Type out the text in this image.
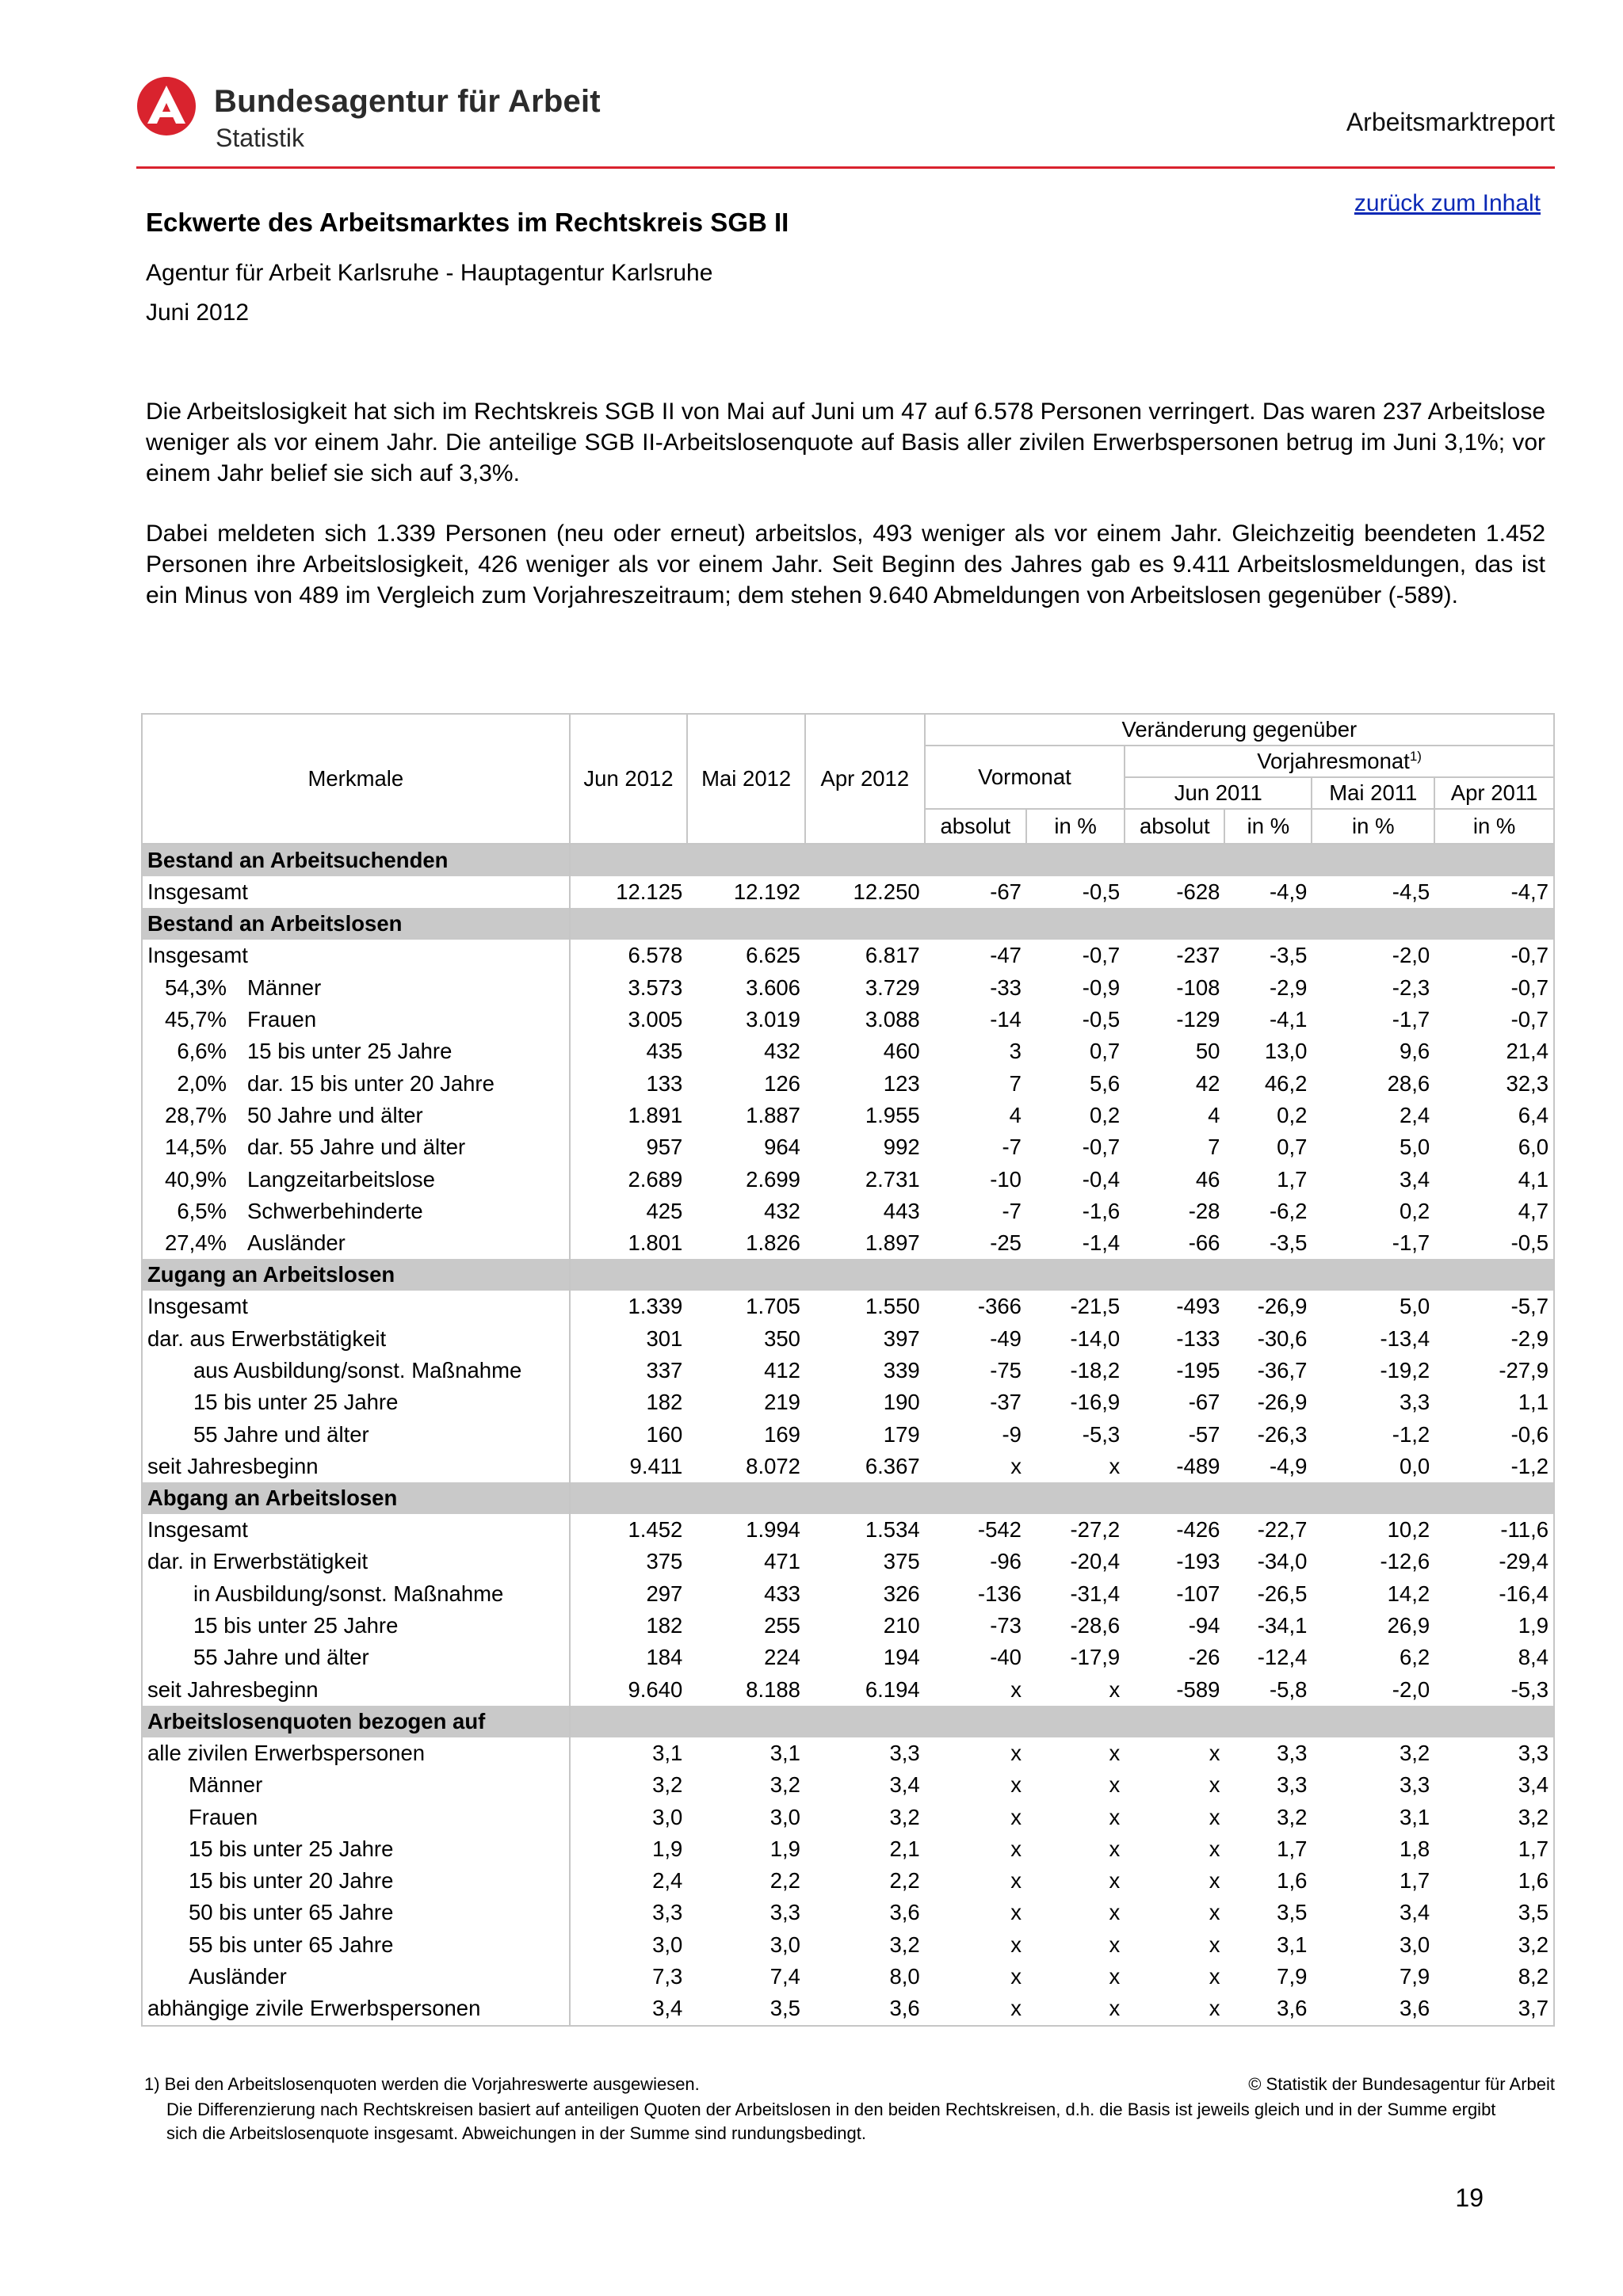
Bundesagentur für Arbeit
Statistik
Arbeitsmarktreport
zurück zum Inhalt
Eckwerte des Arbeitsmarktes im Rechtskreis SGB II
Agentur für Arbeit Karlsruhe - Hauptagentur Karlsruhe
Juni 2012

Die Arbeitslosigkeit hat sich im Rechtskreis SGB II von Mai auf Juni um 47 auf 6.578 Personen verringert. Das waren 237 Arbeitslose weniger als vor einem Jahr. Die anteilige SGB II-Arbeitslosenquote auf Basis aller zivilen Erwerbspersonen betrug im Juni 3,1%; vor einem Jahr belief sie sich auf 3,3%.

Dabei meldeten sich 1.339 Personen (neu oder erneut) arbeitslos, 493 weniger als vor einem Jahr. Gleichzeitig beendeten 1.452 Personen ihre Arbeitslosigkeit, 426 weniger als vor einem Jahr. Seit Beginn des Jahres gab es 9.411 Arbeitslosmeldungen, das ist ein Minus von 489 im Vergleich zum Vorjahreszeitraum; dem stehen 9.640 Abmeldungen von Arbeitslosen gegenüber (-589).

Merkmale	Jun 2012	Mai 2012	Apr 2012	Veränderung gegenüber					
				Vormonat		Vorjahresmonat$^{1)}$
						Jun 2011		Mai 2011	Apr 2011
				absolut	in %	absolut	in %	in %	in %
Bestand an Arbeitsuchenden									
Insgesamt	12.125	12.192	12.250	-67	-0,5	-628	-4,9	-4,5	-4,7
Bestand an Arbeitslosen									
Insgesamt	6.578	6.625	6.817	-47	-0,7	-237	-3,5	-2,0	-0,7
54,3% Männer	3.573	3.606	3.729	-33	-0,9	-108	-2,9	-2,3	-0,7
45,7% Frauen	3.005	3.019	3.088	-14	-0,5	-129	-4,1	-1,7	-0,7
6,6% 15 bis unter 25 Jahre	435	432	460	3	0,7	50	13,0	9,6	21,4
2,0% dar. 15 bis unter 20 Jahre	133	126	123	7	5,6	42	46,2	28,6	32,3
28,7% 50 Jahre und älter	1.891	1.887	1.955	4	0,2	4	0,2	2,4	6,4
14,5% dar. 55 Jahre und älter	957	964	992	-7	-0,7	7	0,7	5,0	6,0
40,9% Langzeitarbeitslose	2.689	2.699	2.731	-10	-0,4	46	1,7	3,4	4,1
6,5% Schwerbehinderte	425	432	443	-7	-1,6	-28	-6,2	0,2	4,7
27,4% Ausländer	1.801	1.826	1.897	-25	-1,4	-66	-3,5	-1,7	-0,5
Zugang an Arbeitslosen									
Insgesamt	1.339	1.705	1.550	-366	-21,5	-493	-26,9	5,0	-5,7
dar. aus Erwerbstätigkeit	301	350	397	-49	-14,0	-133	-30,6	-13,4	-2,9
aus Ausbildung/sonst. Maßnahme	337	412	339	-75	-18,2	-195	-36,7	-19,2	-27,9
15 bis unter 25 Jahre	182	219	190	-37	-16,9	-67	-26,9	3,3	1,1
55 Jahre und älter	160	169	179	-9	-5,3	-57	-26,3	-1,2	-0,6
seit Jahresbeginn	9.411	8.072	6.367	x	x	-489	-4,9	0,0	-1,2
Abgang an Arbeitslosen									
Insgesamt	1.452	1.994	1.534	-542	-27,2	-426	-22,7	10,2	-11,6
dar. in Erwerbstätigkeit	375	471	375	-96	-20,4	-193	-34,0	-12,6	-29,4
in Ausbildung/sonst. Maßnahme	297	433	326	-136	-31,4	-107	-26,5	14,2	-16,4
15 bis unter 25 Jahre	182	255	210	-73	-28,6	-94	-34,1	26,9	1,9
55 Jahre und älter	184	224	194	-40	-17,9	-26	-12,4	6,2	8,4
seit Jahresbeginn	9.640	8.188	6.194	x	x	-589	-5,8	-2,0	-5,3
Arbeitslosenquoten bezogen auf									
alle zivilen Erwerbspersonen	3,1	3,1	3,3	x	x	x	3,3	3,2	3,3
Männer	3,2	3,2	3,4	x	x	x	3,3	3,3	3,4
Frauen	3,0	3,0	3,2	x	x	x	3,2	3,1	3,2
15 bis unter 25 Jahre	1,9	1,9	2,1	x	x	x	1,7	1,8	1,7
15 bis unter 20 Jahre	2,4	2,2	2,2	x	x	x	1,6	1,7	1,6
50 bis unter 65 Jahre	3,3	3,3	3,6	x	x	x	3,5	3,4	3,5
55 bis unter 65 Jahre	3,0	3,0	3,2	x	x	x	3,1	3,0	3,2
Ausländer	7,3	7,4	8,0	x	x	x	7,9	7,9	8,2
abhängige zivile Erwerbspersonen	3,4	3,5	3,6	x	x	x	3,6	3,6	3,7
1) Bei den Arbeitslosenquoten werden die Vorjahreswerte ausgewiesen.	© Statistik der Bundesagentur für Arbeit
Die Differenzierung nach Rechtskreisen basiert auf anteiligen Quoten der Arbeitslosen in den beiden Rechtskreisen, d.h. die Basis ist jeweils gleich und in der Summe ergibt sich die Arbeitslosenquote insgesamt. Abweichungen in der Summe sind rundungsbedingt.
19
